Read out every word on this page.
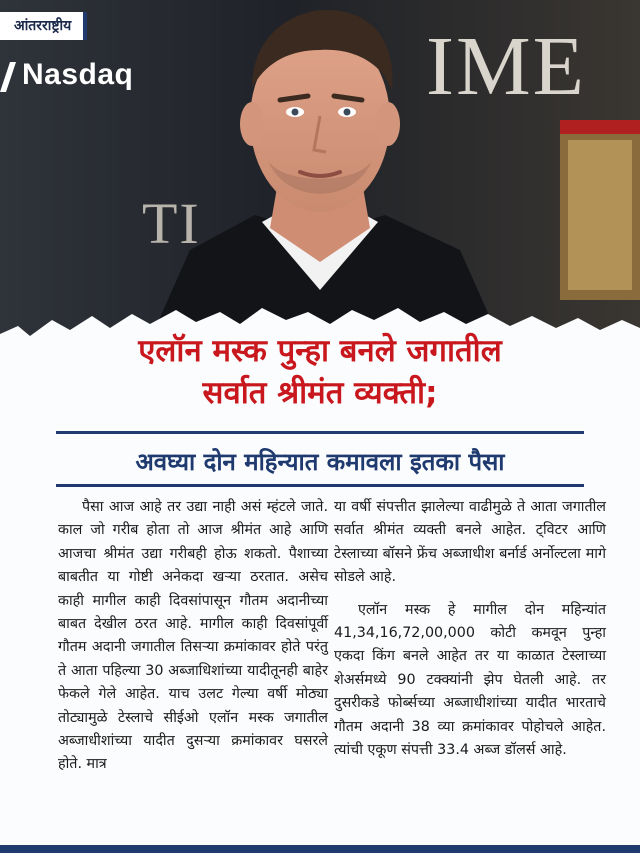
Nasdaq	IME
TI
आंतरराष्ट्रीय
एलॉन मस्क पुन्हा बनले जगातील
सर्वात श्रीमंत व्यक्ती;
अवघ्या दोन महिन्यात कमावला इतका पैसा

पैसा आज आहे तर उद्या नाही असं म्हंटले जाते. काल जो गरीब होता तो आज श्रीमंत आहे आणि आजचा श्रीमंत उद्या गरीबही होऊ शकतो. पैशाच्या बाबतीत या गोष्टी अनेकदा खऱ्या ठरतात. असेच काही मागील काही दिवसांपासून गौतम अदानीच्या बाबत देखील ठरत आहे. मागील काही दिवसांपूर्वी गौतम अदानी जगातील तिसऱ्या क्रमांकावर होते परंतु ते आता पहिल्या 30 अब्जाधिशांच्या यादीतूनही बाहेर फेकले गेले आहेत. याच उलट गेल्या वर्षी मोठ्या तोट्यामुळे टेस्लाचे सीईओ एलॉन मस्क जगातील अब्जाधीशांच्या यादीत दुसऱ्या क्रमांकावर घसरले होते. मात्र

या वर्षी संपत्तीत झालेल्या वाढीमुळे ते आता जगातील सर्वात श्रीमंत व्यक्ती बनले आहेत. ट्विटर आणि टेस्लाच्या बॉसने फ्रेंच अब्जाधीश बर्नार्ड अर्नोल्टला मागे सोडले आहे.

एलॉन मस्क हे मागील दोन महिन्यांत 41,34,16,72,00,000 कोटी कमवून पुन्हा एकदा किंग बनले आहेत तर या काळात टेस्लाच्या शेअर्समध्ये 90 टक्क्यांनी झेप घेतली आहे. तर दुसरीकडे फोर्ब्सच्या अब्जाधीशांच्या यादीत भारताचे गौतम अदानी 38 व्या क्रमांकावर पोहोचले आहेत. त्यांची एकूण संपत्ती 33.4 अब्ज डॉलर्स आहे.
